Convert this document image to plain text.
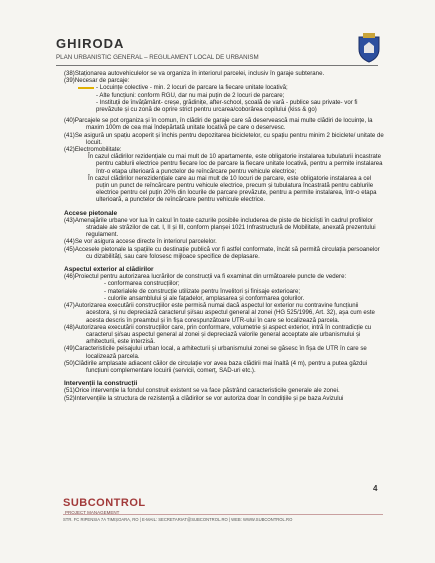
GHIRODA
PLAN URBANISTIC GENERAL – REGULAMENT LOCAL DE URBANISM

(38)Staționarea autovehiculelor se va organiza în interiorul parcelei, inclusiv în garaje subterane.

(39)Necesar de parcaje:

- Locuințe colective - min. 2 locuri de parcare la fiecare unitate locativă;

- Alte funcțiuni: conform RGU, dar nu mai puțin de 2 locuri de parcare;

- Instituții de învățământ- creșe, grădinițe, after-school, școală de vară - publice sau private- vor fi prevăzute și cu zonă de oprire strict pentru urcarea/coborârea copilului (kiss & go)

(40)Parcajele se pot organiza și în comun, în clădiri de garaje care să deservească mai multe clădiri de locuințe, la maxim 100m de cea mai îndepărtată unitate locativă pe care o deservesc.

(41)Se asigură un spațiu acoperit și închis pentru depozitarea bicicletelor, cu spațiu pentru minim 2 biciclete/ unitate de locuit.

(42)Electromobilitate:

În cazul clădirilor rezidențiale cu mai mult de 10 apartamente, este obligatorie instalarea tubulaturii incastrate pentru cablurii electrice pentru fiecare loc de parcare la fiecare unitate locativă, pentru a permite instalarea într-o etapa ulterioară a punctelor de reîncărcare pentru vehicule electrice;

În cazul clădirilor nerezidențiale care au mai mult de 10 locuri de parcare, este obligatorie instalarea a cel puțin un punct de reîncărcare pentru vehicule electrice, precum și tubulatura încastrată pentru cablurile electrice pentru cel puțin 20% din locurile de parcare prevăzute, pentru a permite instalarea, într-o etapa ulterioară, a punctelor de reîncărcare pentru vehicule electrice.

Accese pietonale

(43)Amenajările urbane vor lua în calcul în toate cazurile posibile includerea de piste de bicicliști în cadrul profilelor stradale ale străzilor de cat. I, II și III, conform planșei 1021 Infrastructură de Mobilitate, anexată prezentului regulament.

(44)Se vor asigura accese directe în interiorul parcelelor.

(45)Accesele pietonale la spațiile cu destinație publică vor fi astfel conformate, încât să permită circulația persoanelor cu dizabilități, sau care folosesc mijloace specifice de deplasare.

Aspectul exterior al clădirilor

(46)Proiectul pentru autorizarea lucrărilor de construcții va fi examinat din următoarele puncte de vedere:

- conformarea construcțiilor;

- materialele de construcție utilizate pentru învelitori și finisaje exterioare;

- culorile ansamblului și ale fațadelor, amplasarea și conformarea golurilor.

(47)Autorizarea executării construcțiilor este permisă numai dacă aspectul lor exterior nu contravine funcțiunii acestora, și nu depreciază caracterul și/sau aspectul general al zonei (HG 525/1996, Art. 32), așa cum este acesta descris în preambul și în fișa corespunzătoare UTR-ului în care se localizează parcela.

(48)Autorizarea executării construcțiilor care, prin conformare, volumetrie și aspect exterior, intră în contradicție cu caracterul și/sau aspectul general al zonei și depreciază valorile general acceptate ale urbanismului și arhitecturii, este interzisă.

(49)Caracteristicile peisajului urban local, a arhitecturii și urbanismului zonei se găsesc în fișa de UTR în care se localizează parcela.

(50)Clădirile amplasate adiacent căilor de circulație vor avea baza clădirii mai înaltă (4 m), pentru a putea găzdui funcțiuni complementare locuirii (servicii, comerț, SAD-uri etc.).

Intervenții la construcții

(51)Orice intervenție la fondul construit existent se va face păstrând caracteristicile generale ale zonei.

(52)Intervențiile la structura de rezistență a clădirilor se vor autoriza doar în condițiile și pe baza Avizului

4
SUBCONTROL
PROJECT MANAGEMENT
STR. FC RIPENSIA 7A TIMIȘOARA, RO | E-MAIL: SECRETARIAT@SUBCONTROL.RO | WEB: WWW.SUBCONTROL.RO
